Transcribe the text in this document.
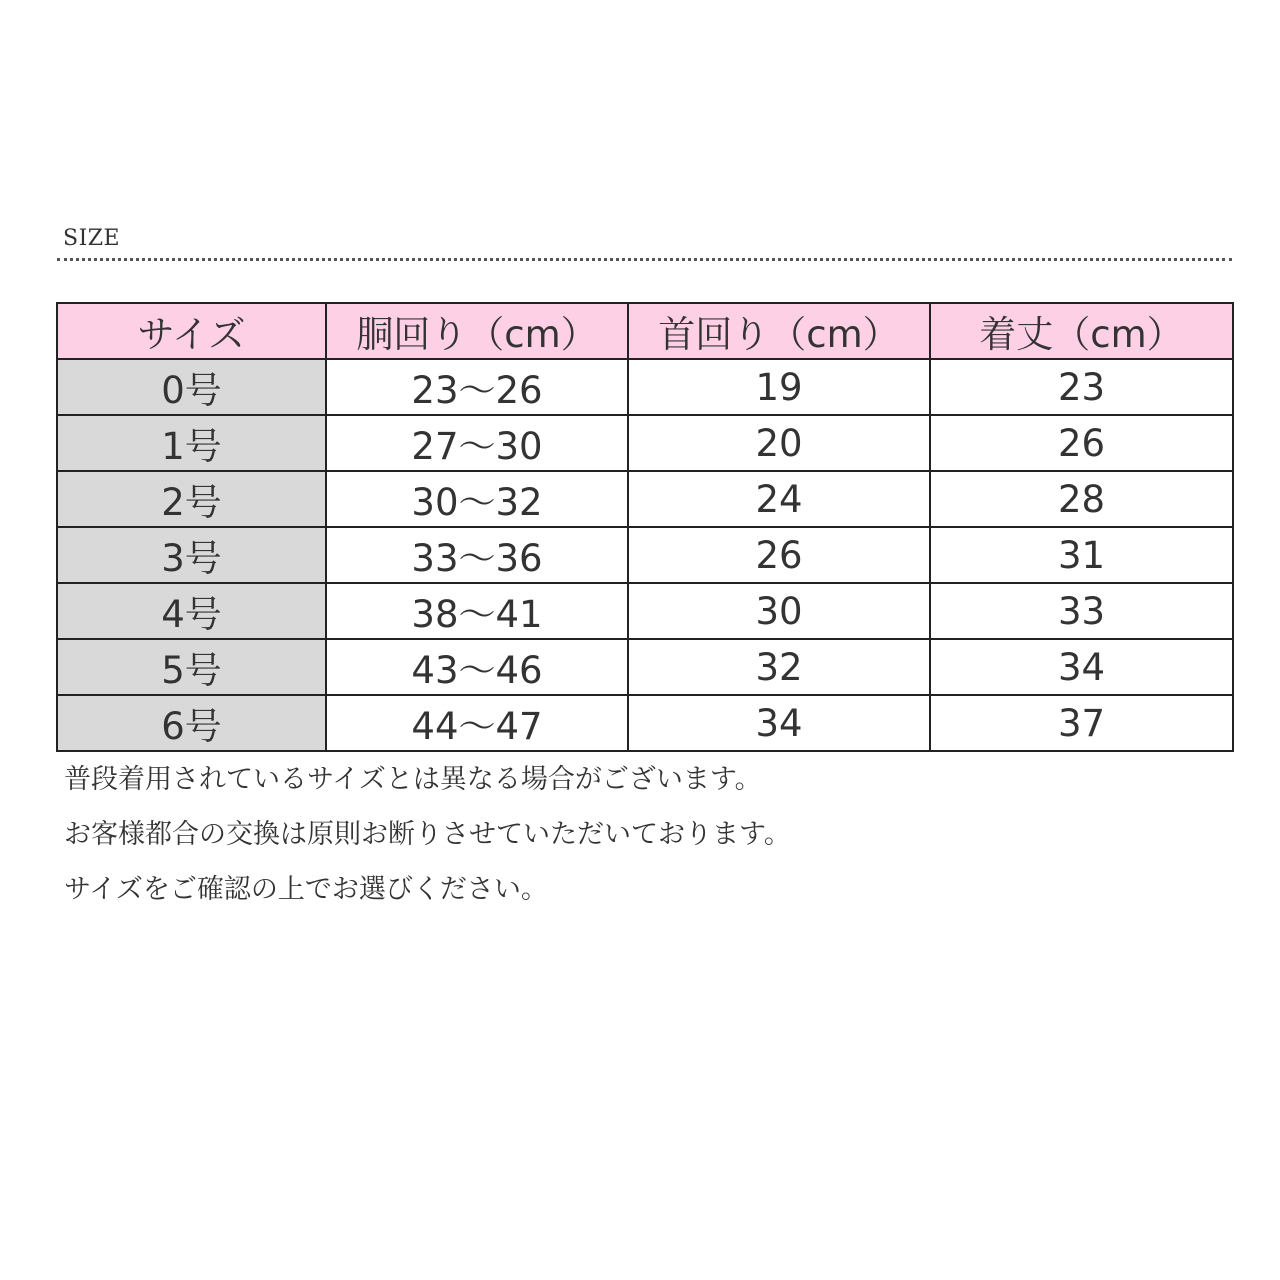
SIZE
サイズ	胴回り（cm）	首回り（cm）	着丈（cm）
0号	23～26	19	23
1号	27～30	20	26
2号	30～32	24	28
3号	33～36	26	31
4号	38～41	30	33
5号	43～46	32	34
6号	44～47	34	37
普段着用されているサイズとは異なる場合がございます。
お客様都合の交換は原則お断りさせていただいております。
サイズをご確認の上でお選びください。
